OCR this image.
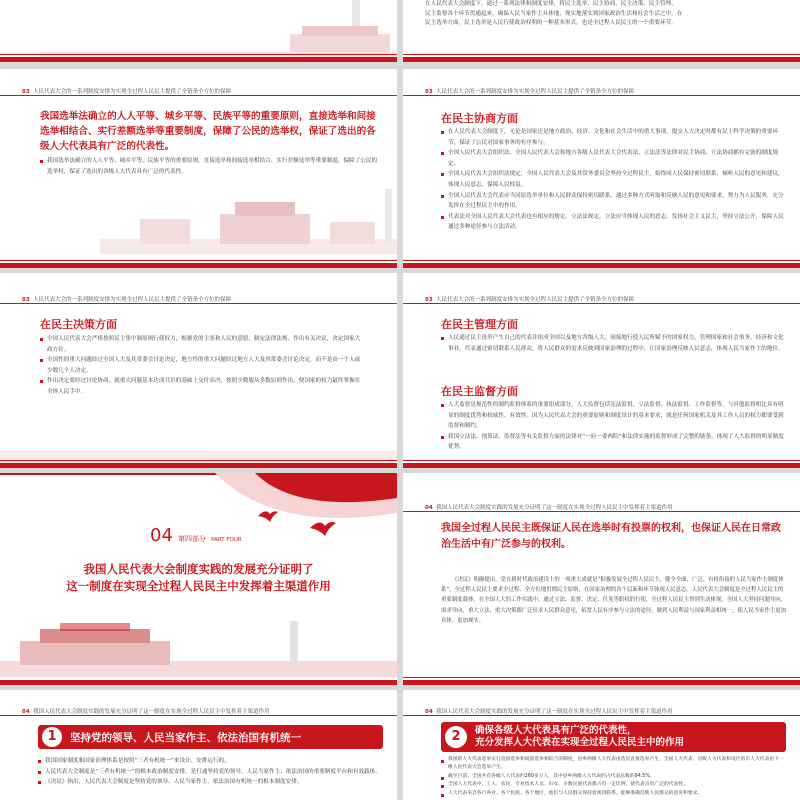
在人民代表大会制度下，通过一系列法律和制度安排，将民主选举、民主协商、民主决策、民主管理、
民主监督各个环节贯通起来，确保人民当家作主具体地、现实地落实到国家政治生活和社会生活之中。在
民主选举方面，民主选举是人民行使政治权利的一种基本形式，也是全过程人民民主的一个重要环节。
03 人民代表大会的一系列制度安排为实现全过程人民民主提供了全链条全方位的保障
我国选举法确立的人人平等、城乡平等、民族平等的重要原则，直接选举和间接选举相结合、实行差额选举等重要制度，保障了公民的选举权，保证了选出的各级人大代表具有广泛的代表性。
我国选举法确立的人人平等、城乡平等、民族平等的重要原则，直接选举和间接选举相结合、实行差额选举等重要制度，保障了公民的选举权，保证了选出的各级人大代表具有广泛的代表性。
03 人民代表大会的一系列制度安排为实现全过程人民民主提供了全链条全方位的保障
在民主协商方面
在人民代表大会制度下，无论是国家还是地方政治、经济、文化和社会生活中的重大事项，提交人大决定时都有民主科学决策的重要环节，保证了公民对国家事务的有序参与。
全国人民代表大会组织法、全国人民代表大会和地方各级人民代表大会代表法、立法法等法律对民主协商、立法协商都有完备的制度规定。
全国人民代表大会组织法规定，全国人民代表大会及其常务委员会坚持全过程民主，始终同人民保持密切联系，倾听人民的意见和建议，体现人民意志，保障人民权益。
全国人民代表大会代表应当同原选举单位和人民群众保持密切联系，通过多种方式听取和反映人民的意见和要求，努力为人民服务，充分发挥在全过程民主中的作用。
代表法对全国人民代表大会代表也有相应的规定。立法法规定，立法应当体现人民的意志，发扬社会主义民主，坚持立法公开，保障人民通过多种途径参与立法活动。
03 人民代表大会的一系列制度安排为实现全过程人民民主提供了全链条全方位的保障
在民主决策方面
全国人民代表大会严格按照民主集中制原则行使权力，根据党的主张和人民的意愿，制定法律法规，作出有关决议，决定国家大政方针。
全国性的重大问题经过全国人大及其常委会讨论决定，地方性的重大问题经过地方人大及其常委会讨论决定，而不是由一个人或少数几个人决定。
作出决定要经过讨论协商，就重大问题基本达成共识的基础上交付表决，按照少数服从多数原则作出，便国家的权力最终掌握在全体人民手中。
03 人民代表大会的一系列制度安排为实现全过程人民民主提供了全链条全方位的保障
在民主管理方面
人民通过民主选举产生自己的代表并组成全国以及地方各级人大，间接地行使人民所赋予的国家权力，管理国家和社会事务、经济和文化事业。代表通过密切联系人民群众，将人民群众的需求反映到国家治理的过程中，让国家治理反映人民意志，体现人民当家作主的地位。
在民主监督方面
人大监督是规范性的制约监督体系的重要组成部分，人大监督包括宪法监督、立法监督、执法监督、工作监督等，与其他监督相比具有明显的制度优势和权威性、有效性。因为人民代表大会的重要原则和制度设计的基本要求，就是任何国家机关及其工作人员的权力都要受到监督和制约。
我国立法法、预算法、监督法等有关监督方面的法律对“一府一委两院”和法律实施的监督形成了完整的链条，体现了人大监督的明显制度优势。
04 第四部分 PART FOUR
我国人民代表大会制度实践的发展充分证明了
这一制度在实现全过程人民民主中发挥着主渠道作用
04 我国人民代表大会制度实践的发展充分证明了这一制度在实现全过程人民民主中发挥着主渠道作用
我国全过程人民民主既保证人民在选举时有投票的权利，也保证人民在日常政治生活中有广泛参与的权利。
《决议》明确提出，党在新时代政治建设上的一项重大成就是“积极发展全过程人民民主，健全全面、广泛、有机衔接的人民当家作主制度体系”。全过程人民民主要求全过程、全方位地贯彻民主原则，在国家治理的各个层面和环节体现人民意志。人民代表大会制度是全过程人民民主的重要制度载体，在全国人大的工作实践中，通过立法、监督、决定、任免等职权的行使，全过程人民民主得到生动体现。全国人大坚持问题导向、需求导向，重大立法、重大决策都广泛征求人民群众意见，拓宽人民有序参与立法的途径，做到人民利益与国家利益相统一，使人民当家作主更加具体、更加现实。
04 我国人民代表大会制度实践的发展充分证明了这一制度在实现全过程人民民主中发挥着主渠道作用
1	坚持党的领导、人民当家作主、依法治国有机统一
我国国家制度和国家治理体系是按照“三者有机统一”来设计、安排运行的。
人民代表大会制度是“三者有机统一”的根本政治制度安排，是打通坚持党的领导、人民当家作主、依法治国的重要制度平台和有效载体。
《决议》指出，人民代表大会制度是坚持党的领导、人民当家作主、依法治国有机统一的根本制度安排。
04 我国人民代表大会制度实践的发展充分证明了这一制度在实现全过程人民民主中发挥着主渠道作用
2	确保各级人大代表具有广泛的代表性，
充分发挥人大代表在实现全过程人民民主中的作用
我国的人大代表选举实行直接选举和间接选举相结合的制度，县乡两级人大代表由选民直接选举产生，全国人大代表、省级人大代表和设区的市人大代表由下一级人民代表大会选举产生。
截至目前，全国共有各级人大代表约260多万人，其中县乡两级人大代表约占代表总数的94.5%。
全国人大代表中，工人、农民、专业技术人员、妇女、少数民族代表都占有一定比例，使代表具有广泛的代表性。
人大代表来自各行各业、各个民族、各个地区，他们与人民群众保持着密切联系，能够准确反映人民群众的意见和要求。
